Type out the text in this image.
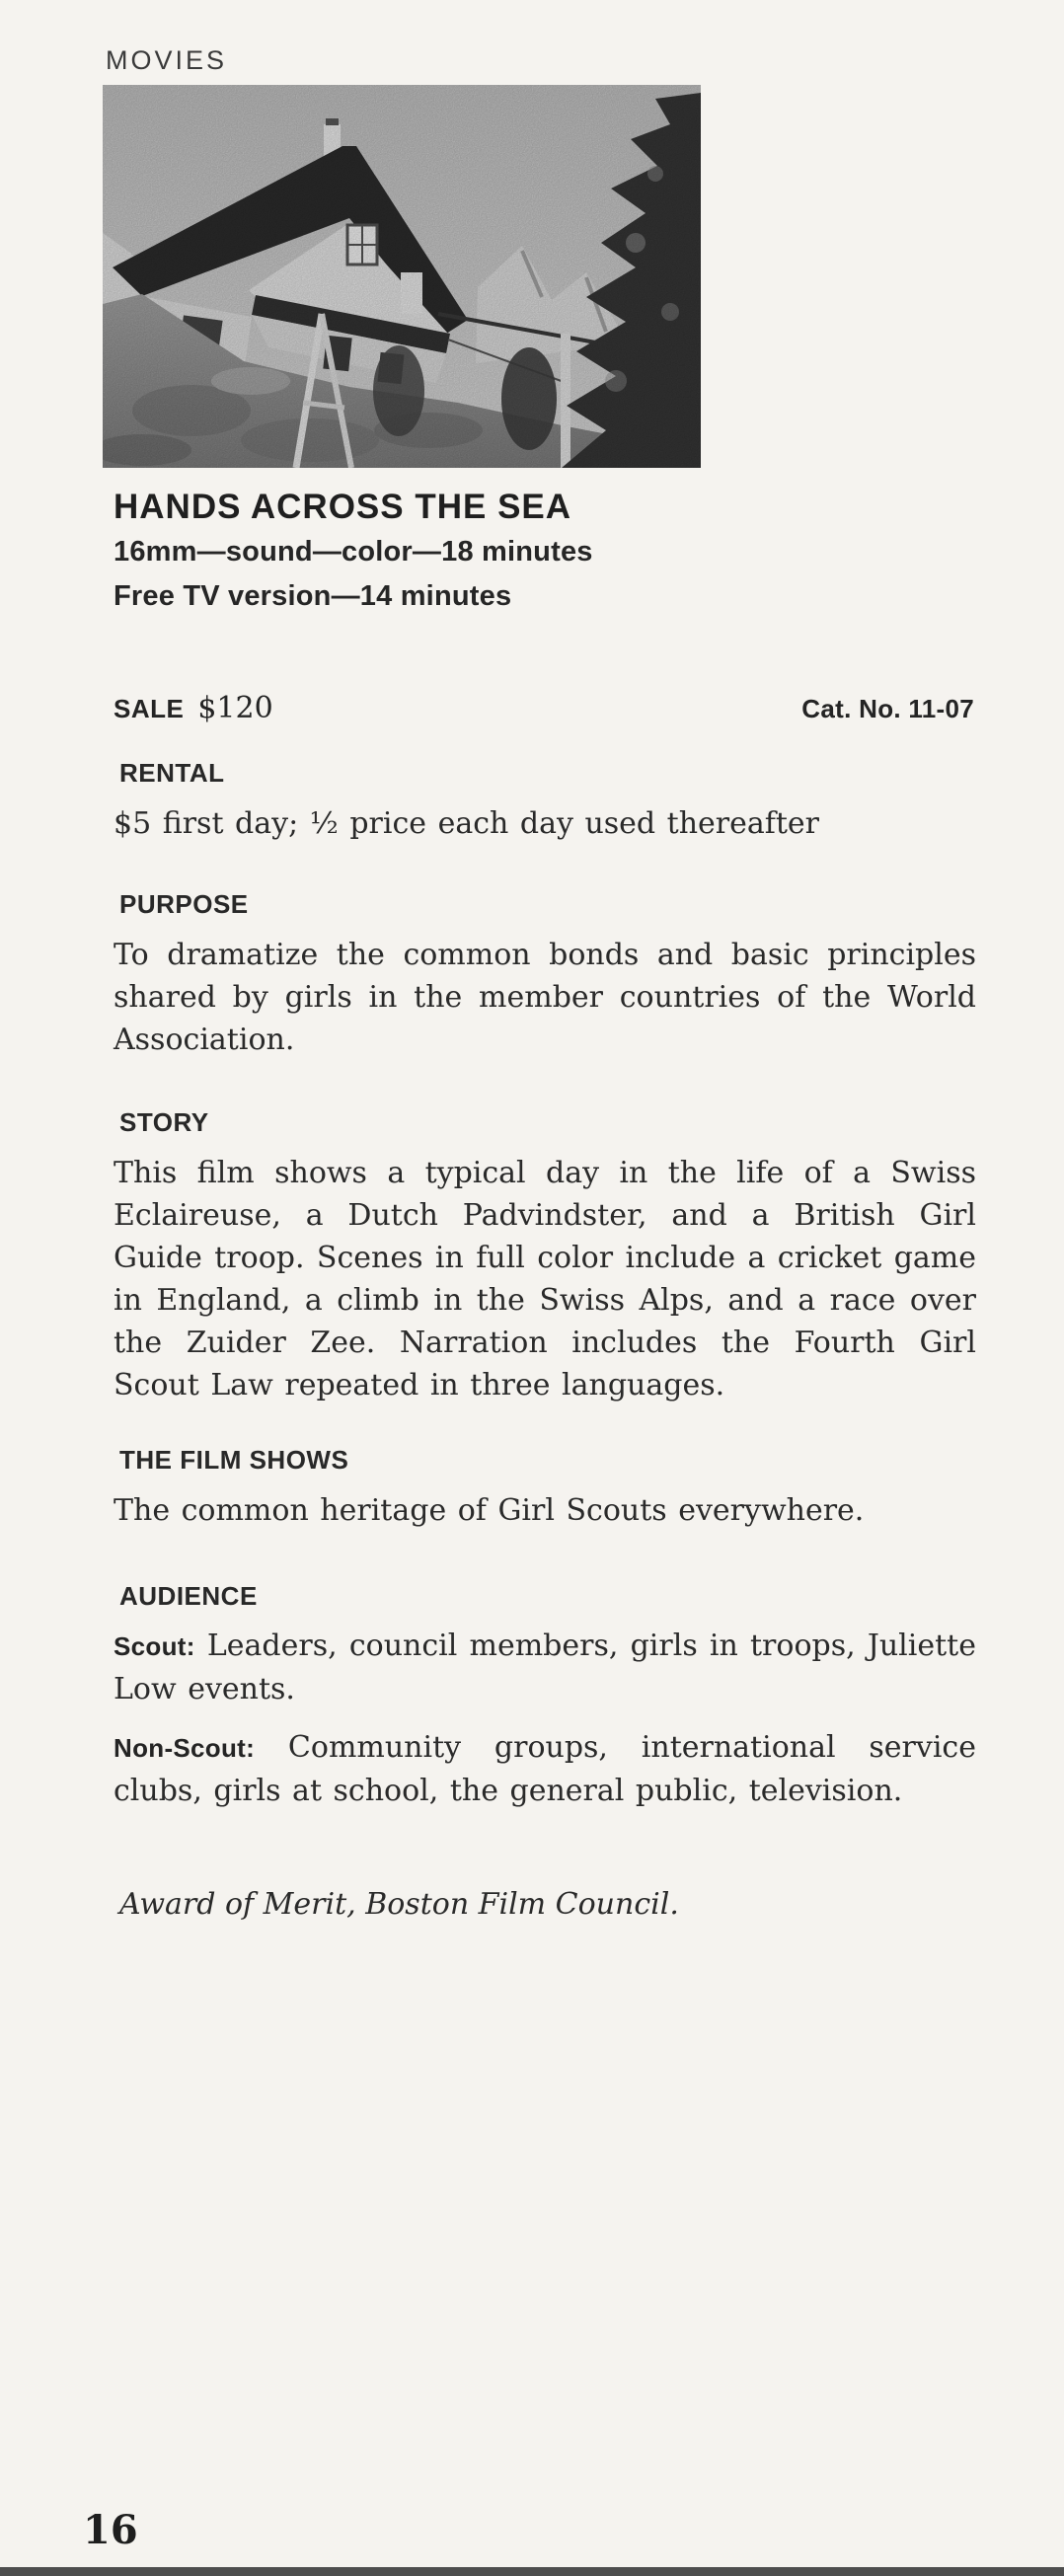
MOVIES
HANDS ACROSS THE SEA
16mm—sound—color—18 minutes
Free TV version—14 minutes
SALE $120	Cat. No. 11-07
RENTAL
$5 first day; ½ price each day used thereafter
PURPOSE
To dramatize the common bonds and basic principles shared by girls in the member countries of the World Association.
STORY
This film shows a typical day in the life of a Swiss Eclaireuse, a Dutch Padvindster, and a British Girl Guide troop. Scenes in full color include a cricket game in England, a climb in the Swiss Alps, and a race over the Zuider Zee. Narration includes the Fourth Girl Scout Law repeated in three languages.
THE FILM SHOWS
The common heritage of Girl Scouts everywhere.
AUDIENCE
Scout: Leaders, council members, girls in troops, Juliette Low events.
Non-Scout: Community groups, international service clubs, girls at school, the general public, television.
Award of Merit, Boston Film Council.
16
